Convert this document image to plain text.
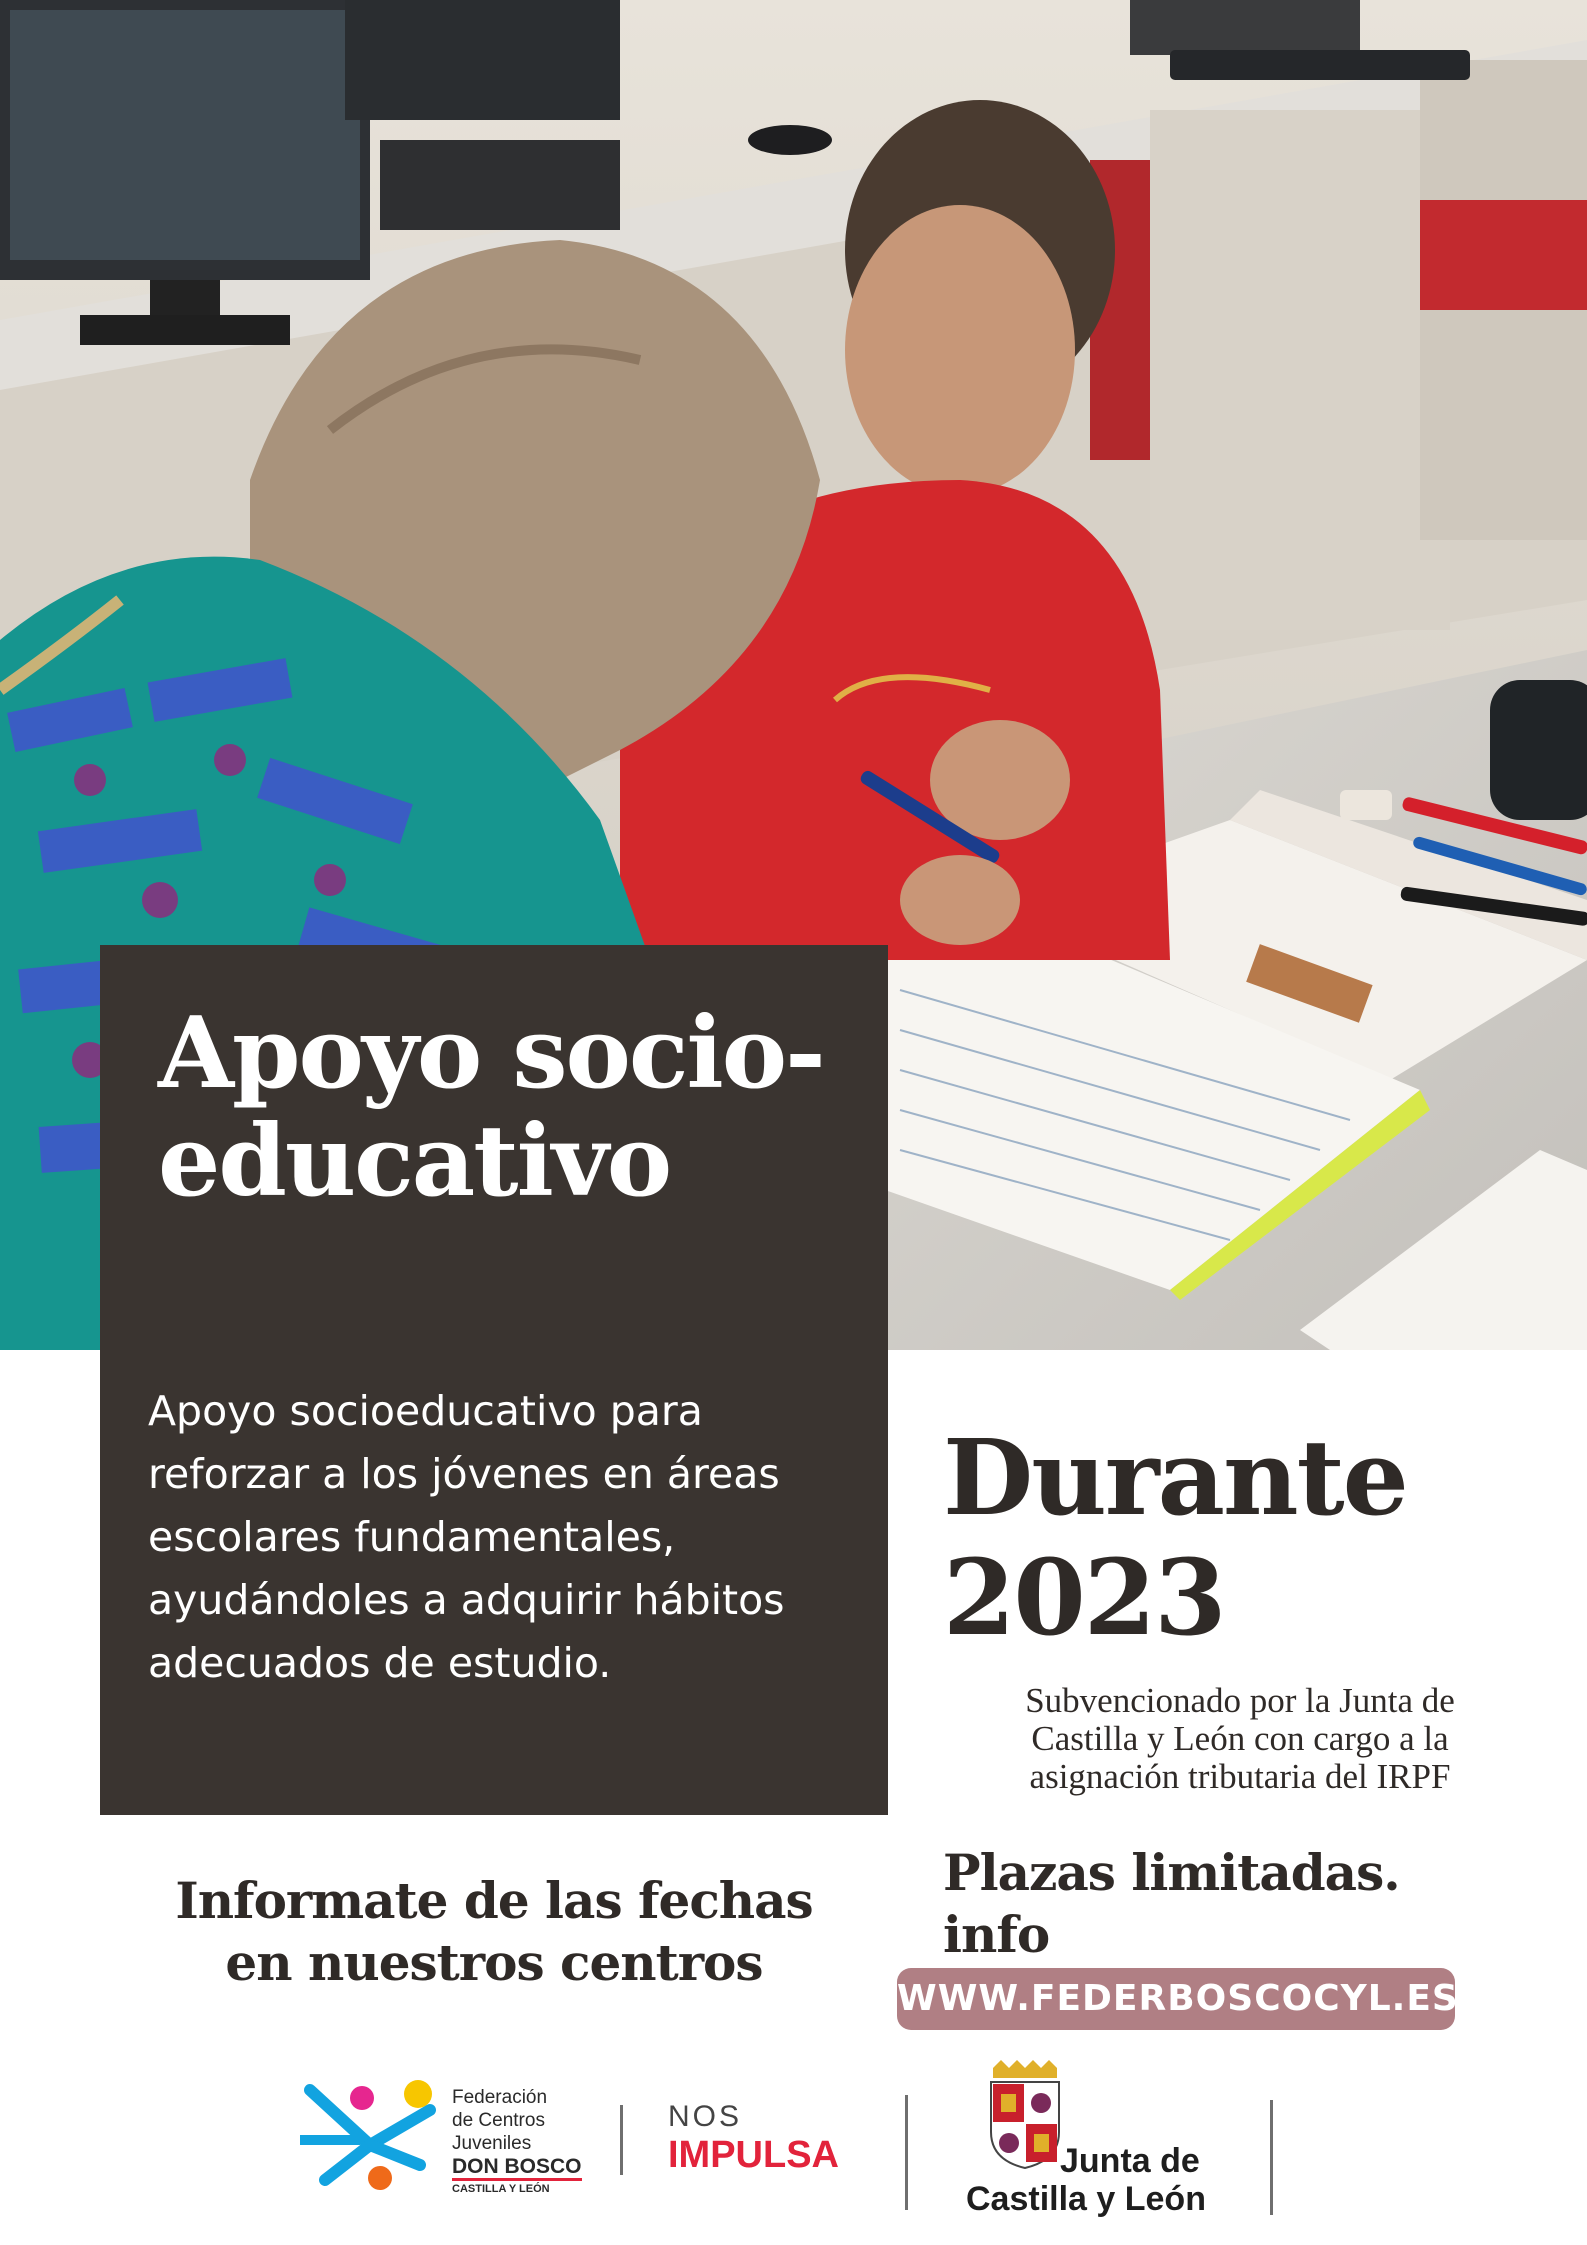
Apoyo socio-
educativo

Apoyo socioeducativo para reforzar a los jóvenes en áreas escolares fundamentales, ayudándoles a adquirir hábitos adecuados de estudio.

Durante
2023

Subvencionado por la Junta de
Castilla y León con cargo a la
asignación tributaria del IRPF

Informate de las fechas
en nuestros centros

Plazas limitadas.
info

WWW.FEDERBOSCOCYL.ES
Federación
de Centros
Juveniles
DON BOSCO
CASTILLA Y LEÓN
NOS
IMPULSA	Junta de
Castilla y León
